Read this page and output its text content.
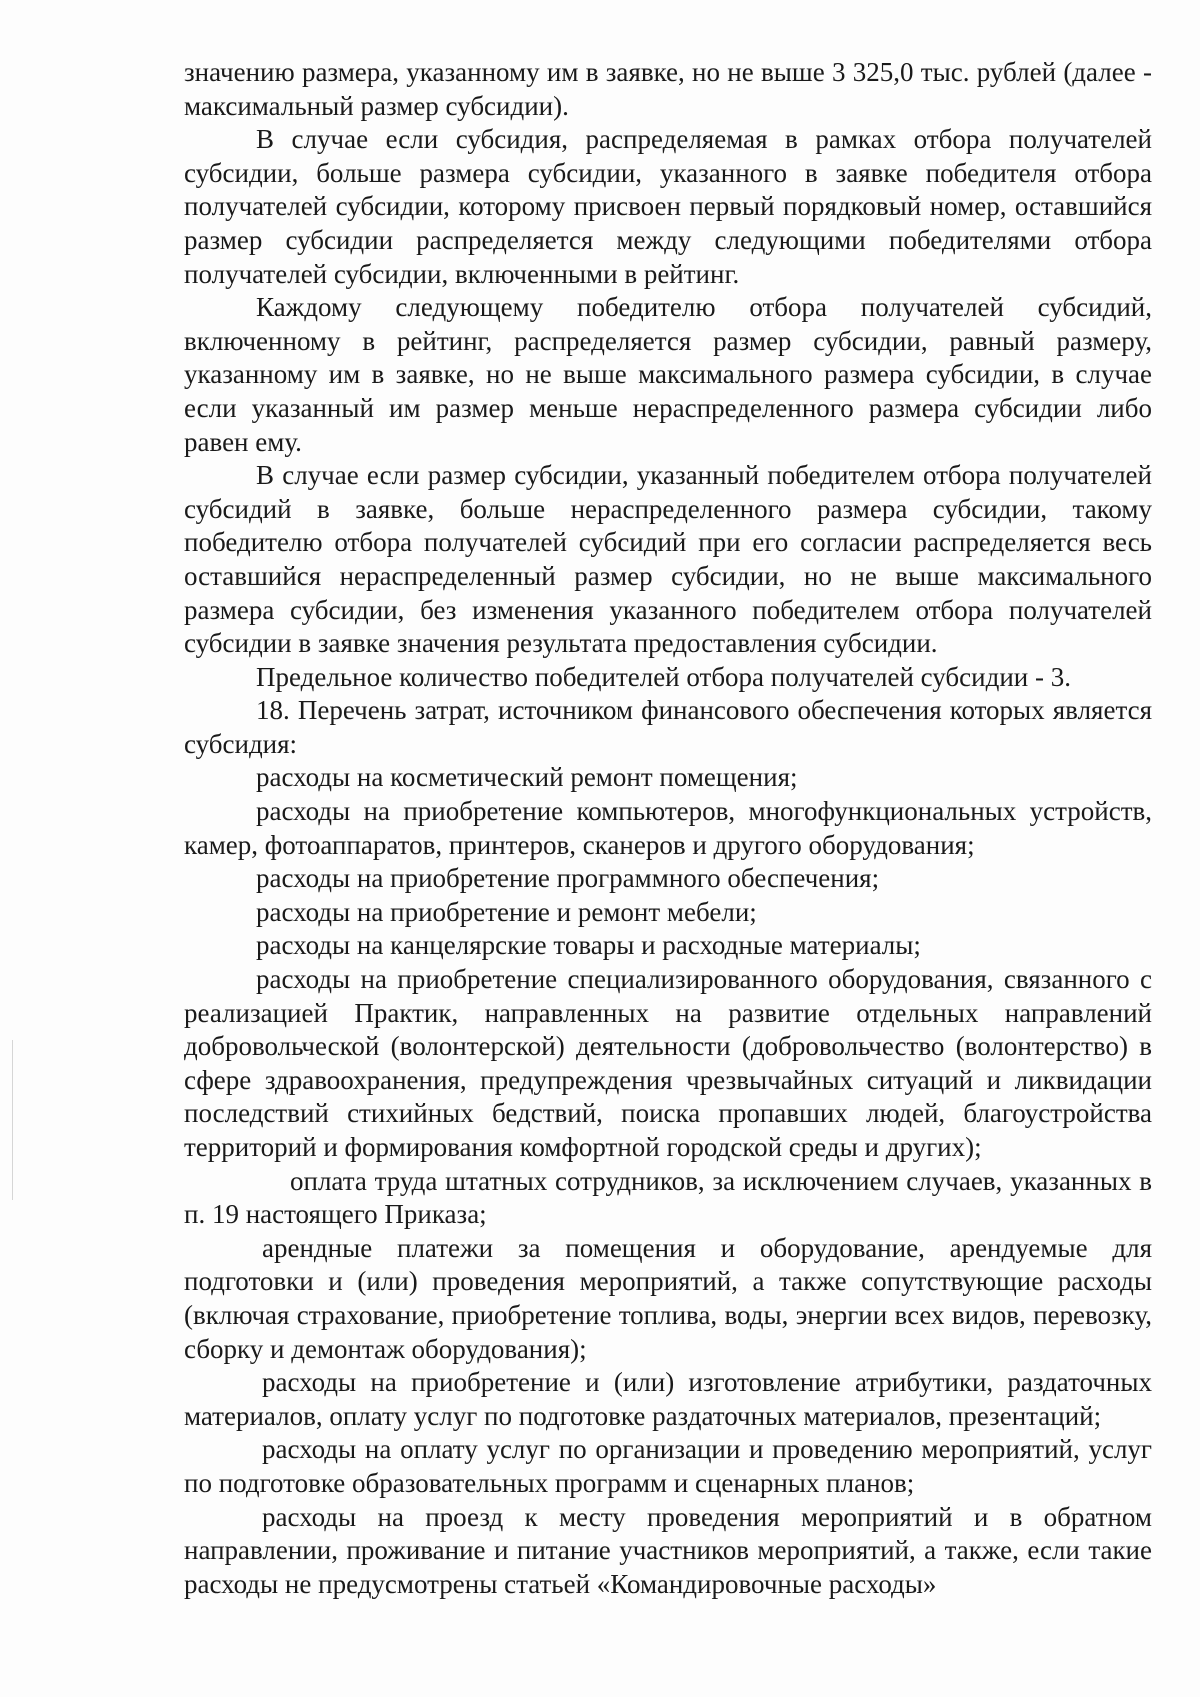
значению размера, указанному им в заявке, но не выше 3 325,0 тыс. рублей (далее - максимальный размер субсидии).

В случае если субсидия, распределяемая в рамках отбора получателей субсидии, больше размера субсидии, указанного в заявке победителя отбора получателей субсидии, которому присвоен первый порядковый номер, оставшийся размер субсидии распределяется между следующими победителями отбора получателей субсидии, включенными в рейтинг.

Каждому следующему победителю отбора получателей субсидий, включенному в рейтинг, распределяется размер субсидии, равный размеру, указанному им в заявке, но не выше максимального размера субсидии, в случае если указанный им размер меньше нераспределенного размера субсидии либо равен ему.

В случае если размер субсидии, указанный победителем отбора получателей субсидий в заявке, больше нераспределенного размера субсидии, такому победителю отбора получателей субсидий при его согласии распределяется весь оставшийся нераспределенный размер субсидии, но не выше максимального размера субсидии, без изменения указанного победителем отбора получателей субсидии в заявке значения результата предоставления субсидии.

Предельное количество победителей отбора получателей субсидии - 3.

18. Перечень затрат, источником финансового обеспечения которых является субсидия:

расходы на косметический ремонт помещения;

расходы на приобретение компьютеров, многофункциональных устройств, камер, фотоаппаратов, принтеров, сканеров и другого оборудования;

расходы на приобретение программного обеспечения;

расходы на приобретение и ремонт мебели;

расходы на канцелярские товары и расходные материалы;

расходы на приобретение специализированного оборудования, связанного с реализацией Практик, направленных на развитие отдельных направлений добровольческой (волонтерской) деятельности (добровольчество (волонтерство) в сфере здравоохранения, предупреждения чрезвычайных ситуаций и ликвидации последствий стихийных бедствий, поиска пропавших людей, благоустройства территорий и формирования комфортной городской среды и других);

оплата труда штатных сотрудников, за исключением случаев, указанных в п. 19 настоящего Приказа;

арендные платежи за помещения и оборудование, арендуемые для подготовки и (или) проведения мероприятий, а также сопутствующие расходы (включая страхование, приобретение топлива, воды, энергии всех видов, перевозку, сборку и демонтаж оборудования);

расходы на приобретение и (или) изготовление атрибутики, раздаточных материалов, оплату услуг по подготовке раздаточных материалов, презентаций;

расходы на оплату услуг по организации и проведению мероприятий, услуг по подготовке образовательных программ и сценарных планов;

расходы на проезд к месту проведения мероприятий и в обратном направлении, проживание и питание участников мероприятий, а также, если такие расходы не предусмотрены статьей «Командировочные расходы»
